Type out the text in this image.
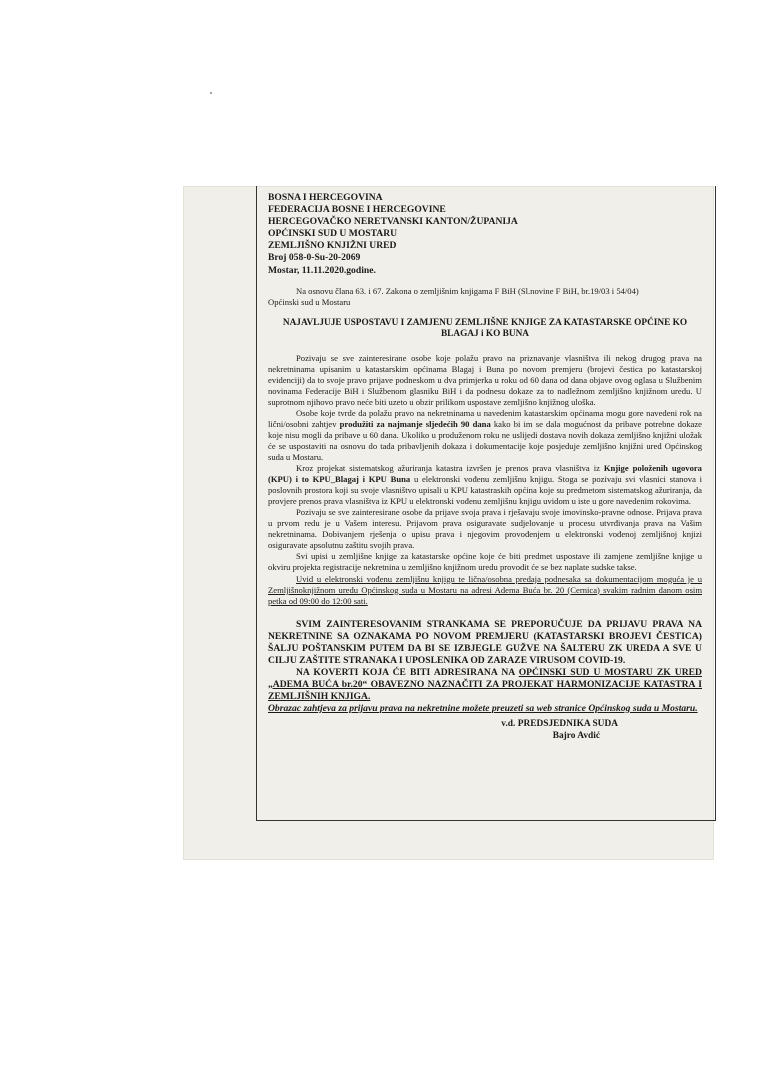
BOSNA I HERCEGOVINA

FEDERACIJA BOSNE I HERCEGOVINE

HERCEGOVAČKO NERETVANSKI KANTON/ŽUPANIJA

OPĆINSKI SUD U MOSTARU

ZEMLJIŠNO KNJIŽNI URED

Broj 058-0-Su-20-2069

Mostar, 11.11.2020.godine.

Na osnovu člana 63. i 67. Zakona o zemljišnim knjigama F BiH (Sl.novine F BiH, br.19/03 i 54/04)

Općinski sud u Mostaru

NAJAVLJUJE USPOSTAVU I ZAMJENU ZEMLJIŠNE KNJIGE ZA KATASTARSKE OPĆINE KO BLAGAJ i KO BUNA

Pozivaju se sve zainteresirane osobe koje polažu pravo na priznavanje vlasništva ili nekog drugog prava na nekretninama upisanim u katastarskim općinama Blagaj i Buna po novom premjeru (brojevi čestica po katastarskoj evidenciji) da to svoje pravo prijave podneskom u dva primjerka u roku od 60 dana od dana objave ovog oglasa u Službenim novinama Federacije BiH i Službenom glasniku BiH i da podnesu dokaze za to nadležnom zemljišno knjižnom uredu. U suprotnom njihovo pravo neće biti uzeto u obzir prilikom uspostave zemljišno knjižnog uloška.

Osobe koje tvrde da polažu pravo na nekretninama u navedenim katastarskim općinama mogu gore navedeni rok na lični/osobni zahtjev produžiti za najmanje sljedećih 90 dana kako bi im se dala mogućnost da pribave potrebne dokaze koje nisu mogli da pribave u 60 dana. Ukoliko u produženom roku ne uslijedi dostava novih dokaza zemljišno knjižni uložak će se uspostaviti na osnovu do tada pribavljenih dokaza i dokumentacije koje posjeduje zemljišno knjižni ured Općinskog suda u Mostaru.

Kroz projekat sistematskog ažuriranja katastra izvršen je prenos prava vlasništva iz Knjige položenih ugovora (KPU) i to KPU_Blagaj i KPU Buna u elektronski vođenu zemljišnu knjigu. Stoga se pozivaju svi vlasnici stanova i poslovnih prostora koji su svoje vlasništvo upisali u KPU katastraskih općina koje su predmetom sistematskog ažuriranja, da provjere prenos prava vlasništva iz KPU u elektronski vođenu zemljišnu knjigu uvidom u iste u gore navedenim rokovima.

Pozivaju se sve zainteresirane osobe da prijave svoja prava i rješavaju svoje imovinsko-pravne odnose. Prijava prava u prvom redu je u Vašem interesu. Prijavom prava osiguravate sudjelovanje u procesu utvrđivanja prava na Vašim nekretninama. Dobivanjem rješenja o upisu prava i njegovim provođenjem u elektronski vođenoj zemljišnoj knjizi osiguravate apsolutnu zaštitu svojih prava.

Svi upisi u zemljišne knjige za katastarske općine koje će biti predmet uspostave ili zamjene zemljišne knjige u okviru projekta registracije nekretnina u zemljišno knjižnom uredu provodit će se bez naplate sudske takse.

Uvid u elektronski vođenu zemljišnu knjigu te lična/osobna predaja podnesaka sa dokumentacijom moguća je u Zemljišnoknjižnom uredu Općinskog suda u Mostaru na adresi Adema Buća br. 20 (Cernica) svakim radnim danom osim petka od 09:00 do 12:00 sati.

SVIM ZAINTERESOVANIM STRANKAMA SE PREPORUČUJE DA PRIJAVU PRAVA NA NEKRETNINE SA OZNAKAMA PO NOVOM PREMJERU (KATASTARSKI BROJEVI ČESTICA) ŠALJU POŠTANSKIM PUTEM DA BI SE IZBJEGLE GUŽVE NA ŠALTERU ZK UREDA A SVE U CILJU ZAŠTITE STRANAKA I UPOSLENIKA OD ZARAZE VIRUSOM COVID-19.

NA KOVERTI KOJA ĆE BITI ADRESIRANA NA OPĆINSKI SUD U MOSTARU ZK URED „ADEMA BUĆA br.20“ OBAVEZNO NAZNAČITI ZA PROJEKAT HARMONIZACIJE KATASTRA I ZEMLJIŠNIH KNJIGA.

Obrazac zahtjeva za prijavu prava na nekretnine možete preuzeti sa web stranice Općinskog suda u Mostaru.

v.d. PREDSJEDNIKA SUDA

Bajro Avdić
